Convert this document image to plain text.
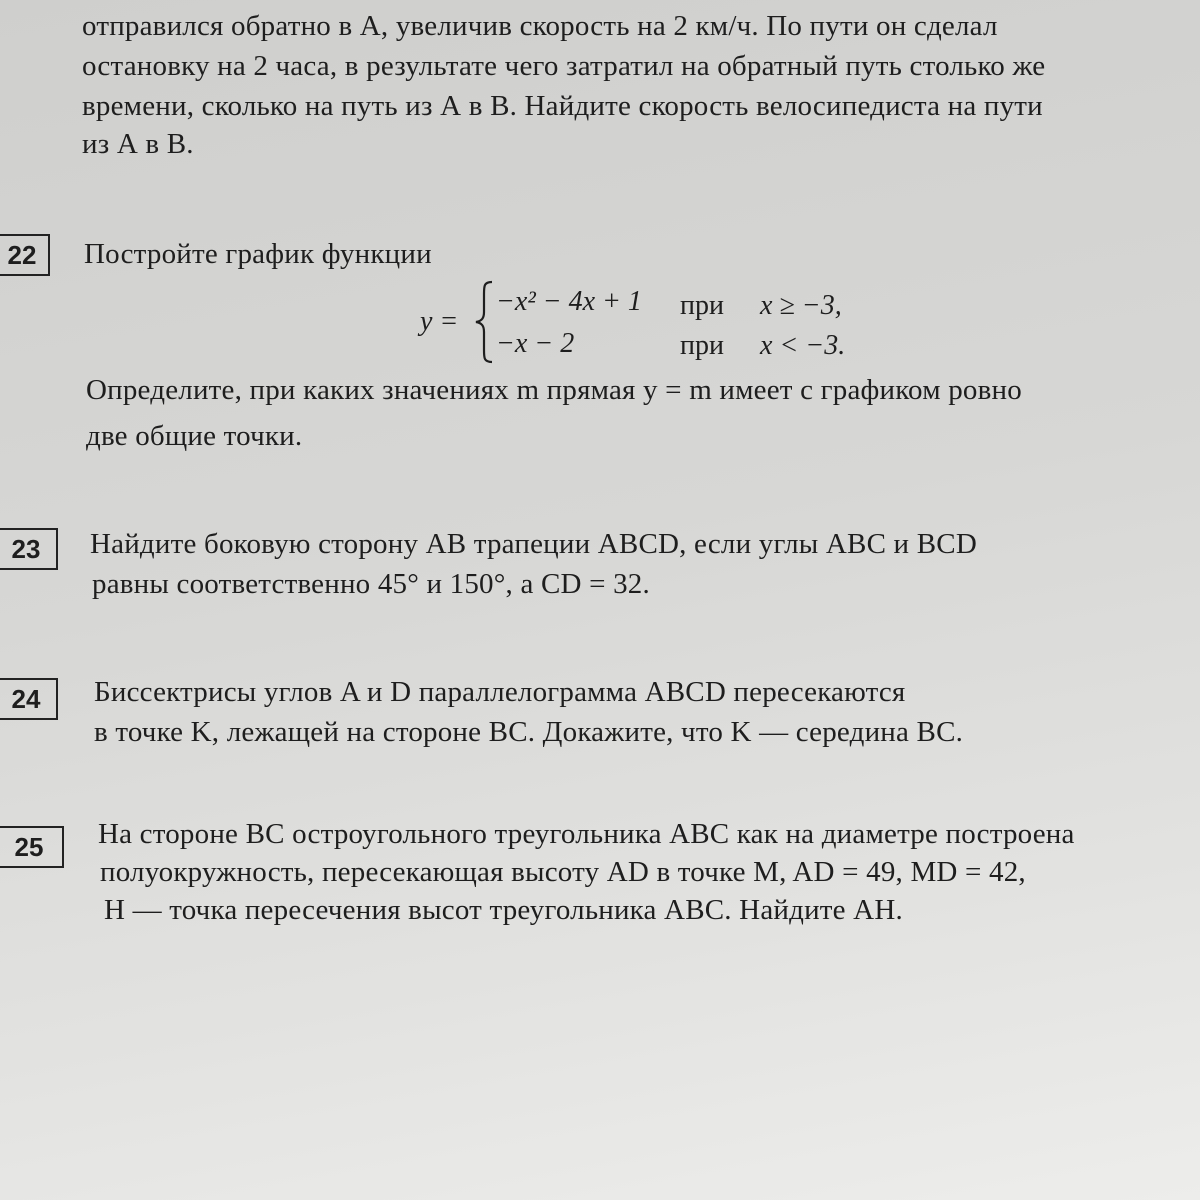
отправился обратно в А, увеличив скорость на 2 км/ч. По пути он сделал
остановку на 2 часа, в результате чего затратил на обратный путь столько же
времени, сколько на путь из А в В. Найдите скорость велосипедиста на пути
из А в В.
22	Постройте график функции
y =
−x² − 4x + 1 при x ≥ −3,
−x − 2	при x < −3.
Определите, при каких значениях m прямая y = m имеет с графиком ровно
две общие точки.
23	Найдите боковую сторону AB трапеции ABCD, если углы ABC и BCD
равны соответственно 45° и 150°, а CD = 32.
24	Биссектрисы углов A и D параллелограмма ABCD пересекаются
в точке K, лежащей на стороне BC. Докажите, что K — середина BC.
25	На стороне BC остроугольного треугольника ABC как на диаметре построена
полуокружность, пересекающая высоту AD в точке M, AD = 49, MD = 42,
H — точка пересечения высот треугольника ABC. Найдите AH.
